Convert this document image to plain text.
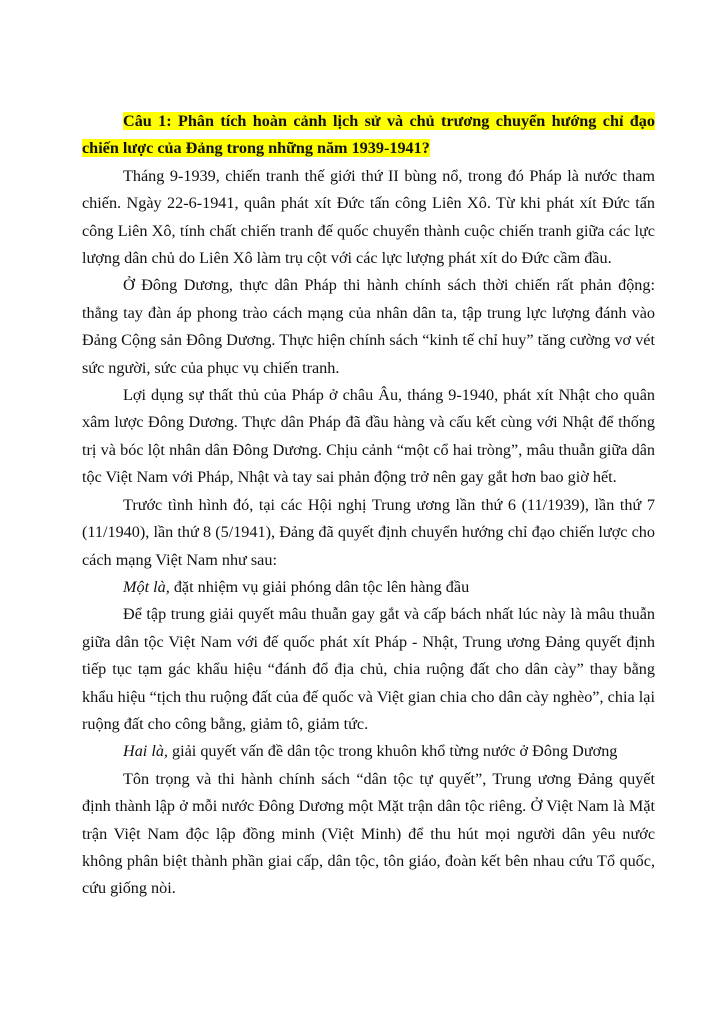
Câu 1: Phân tích hoàn cảnh lịch sử và chủ trương chuyển hướng chỉ đạo chiến lược của Đảng trong những năm 1939-1941?

Tháng 9-1939, chiến tranh thế giới thứ II bùng nổ, trong đó Pháp là nước tham chiến. Ngày 22-6-1941, quân phát xít Đức tấn công Liên Xô. Từ khi phát xít Đức tấn công Liên Xô, tính chất chiến tranh đế quốc chuyển thành cuộc chiến tranh giữa các lực lượng dân chủ do Liên Xô làm trụ cột với các lực lượng phát xít do Đức cầm đầu.

Ở Đông Dương, thực dân Pháp thi hành chính sách thời chiến rất phản động: thẳng tay đàn áp phong trào cách mạng của nhân dân ta, tập trung lực lượng đánh vào Đảng Cộng sản Đông Dương. Thực hiện chính sách “kinh tế chỉ huy” tăng cường vơ vét sức người, sức của phục vụ chiến tranh.

Lợi dụng sự thất thủ của Pháp ở châu Âu, tháng 9-1940, phát xít Nhật cho quân xâm lược Đông Dương. Thực dân Pháp đã đầu hàng và cấu kết cùng với Nhật để thống trị và bóc lột nhân dân Đông Dương. Chịu cảnh “một cổ hai tròng”, mâu thuẫn giữa dân tộc Việt Nam với Pháp, Nhật và tay sai phản động trở nên gay gắt hơn bao giờ hết.

Trước tình hình đó, tại các Hội nghị Trung ương lần thứ 6 (11/1939), lần thứ 7 (11/1940), lần thứ 8 (5/1941), Đảng đã quyết định chuyển hướng chỉ đạo chiến lược cho cách mạng Việt Nam như sau:

Một là, đặt nhiệm vụ giải phóng dân tộc lên hàng đầu

Để tập trung giải quyết mâu thuẫn gay gắt và cấp bách nhất lúc này là mâu thuẫn giữa dân tộc Việt Nam với đế quốc phát xít Pháp - Nhật, Trung ương Đảng quyết định tiếp tục tạm gác khẩu hiệu “đánh đổ địa chủ, chia ruộng đất cho dân cày” thay bằng khẩu hiệu “tịch thu ruộng đất của đế quốc và Việt gian chia cho dân cày nghèo”, chia lại ruộng đất cho công bằng, giảm tô, giảm tức.

Hai là, giải quyết vấn đề dân tộc trong khuôn khổ từng nước ở Đông Dương

Tôn trọng và thi hành chính sách “dân tộc tự quyết”, Trung ương Đảng quyết định thành lập ở mỗi nước Đông Dương một Mặt trận dân tộc riêng. Ở Việt Nam là Mặt trận Việt Nam độc lập đồng minh (Việt Minh) để thu hút mọi người dân yêu nước không phân biệt thành phần giai cấp, dân tộc, tôn giáo, đoàn kết bên nhau cứu Tổ quốc, cứu giống nòi.
